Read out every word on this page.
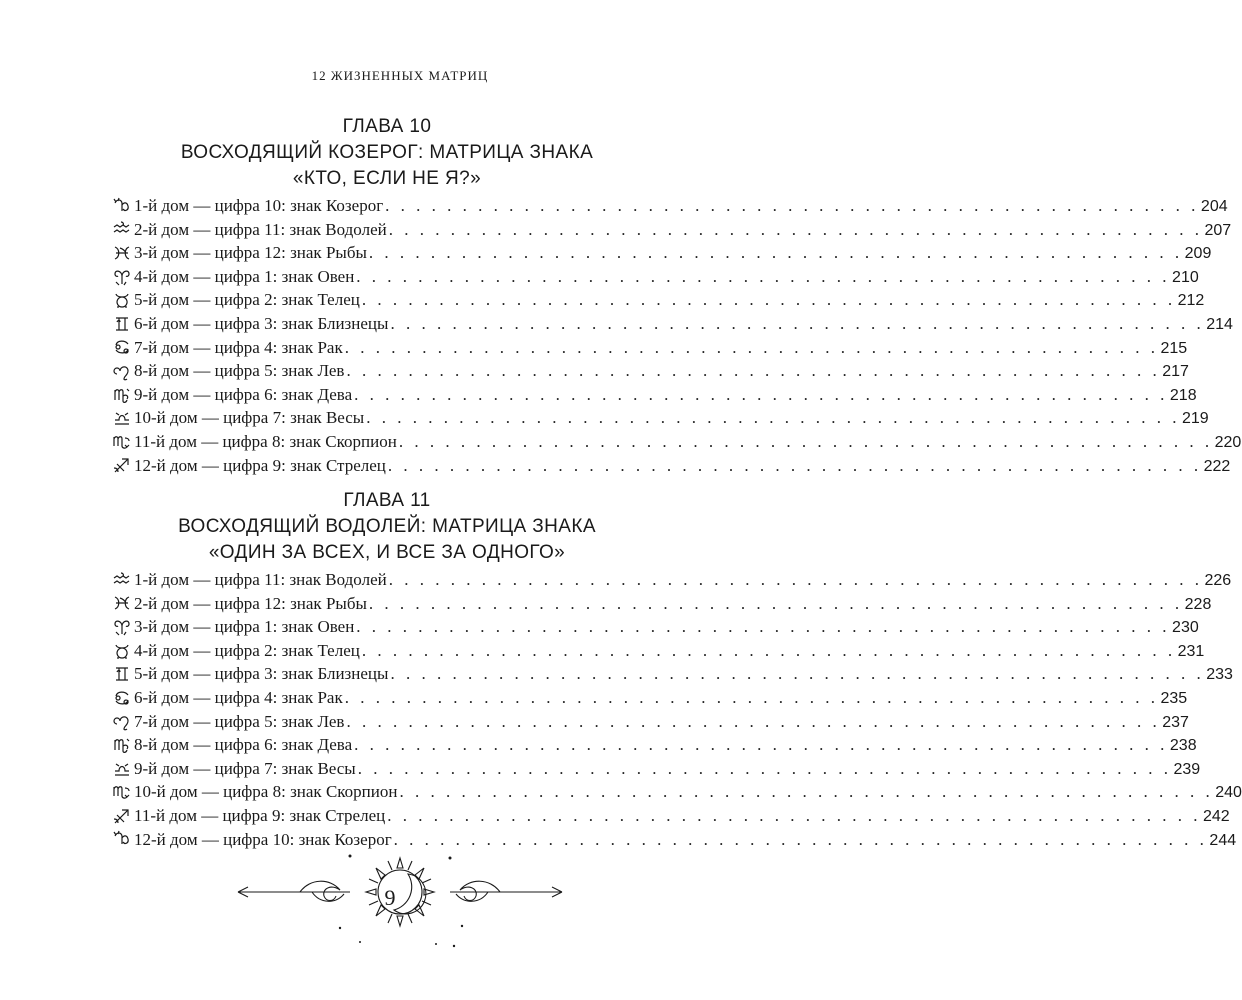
12 ЖИЗНЕННЫХ МАТРИЦ
ГЛАВА 10
ВОСХОДЯЩИЙ КОЗЕРОГ: МАТРИЦА ЗНАКА
«КТО, ЕСЛИ НЕ Я?»
1-й дом — цифра 10: знак Козерог . . . . . . . . . . . . . . . . . . . . . . . . . . . . . . . . . . . . . . . . . . . . . . . . . . . . . 204
2-й дом — цифра 11: знак Водолей . . . . . . . . . . . . . . . . . . . . . . . . . . . . . . . . . . . . . . . . . . . . . . . . . . . . . 207
3-й дом — цифра 12: знак Рыбы . . . . . . . . . . . . . . . . . . . . . . . . . . . . . . . . . . . . . . . . . . . . . . . . . . . . . 209
4-й дом — цифра 1: знак Овен . . . . . . . . . . . . . . . . . . . . . . . . . . . . . . . . . . . . . . . . . . . . . . . . . . . . . 210
5-й дом — цифра 2: знак Телец . . . . . . . . . . . . . . . . . . . . . . . . . . . . . . . . . . . . . . . . . . . . . . . . . . . . . 212
6-й дом — цифра 3: знак Близнецы . . . . . . . . . . . . . . . . . . . . . . . . . . . . . . . . . . . . . . . . . . . . . . . . . . . . . 214
7-й дом — цифра 4: знак Рак . . . . . . . . . . . . . . . . . . . . . . . . . . . . . . . . . . . . . . . . . . . . . . . . . . . . . 215
8-й дом — цифра 5: знак Лев . . . . . . . . . . . . . . . . . . . . . . . . . . . . . . . . . . . . . . . . . . . . . . . . . . . . . 217
9-й дом — цифра 6: знак Дева . . . . . . . . . . . . . . . . . . . . . . . . . . . . . . . . . . . . . . . . . . . . . . . . . . . . . 218
10-й дом — цифра 7: знак Весы . . . . . . . . . . . . . . . . . . . . . . . . . . . . . . . . . . . . . . . . . . . . . . . . . . . . . 219
11-й дом — цифра 8: знак Скорпион . . . . . . . . . . . . . . . . . . . . . . . . . . . . . . . . . . . . . . . . . . . . . . . . . . . . . 220
12-й дом — цифра 9: знак Стрелец . . . . . . . . . . . . . . . . . . . . . . . . . . . . . . . . . . . . . . . . . . . . . . . . . . . . . 222
ГЛАВА 11
ВОСХОДЯЩИЙ ВОДОЛЕЙ: МАТРИЦА ЗНАКА
«ОДИН ЗА ВСЕХ, И ВСЕ ЗА ОДНОГО»
1-й дом — цифра 11: знак Водолей . . . . . . . . . . . . . . . . . . . . . . . . . . . . . . . . . . . . . . . . . . . . . . . . . . . . . 226
2-й дом — цифра 12: знак Рыбы . . . . . . . . . . . . . . . . . . . . . . . . . . . . . . . . . . . . . . . . . . . . . . . . . . . . . 228
3-й дом — цифра 1: знак Овен . . . . . . . . . . . . . . . . . . . . . . . . . . . . . . . . . . . . . . . . . . . . . . . . . . . . . 230
4-й дом — цифра 2: знак Телец . . . . . . . . . . . . . . . . . . . . . . . . . . . . . . . . . . . . . . . . . . . . . . . . . . . . . 231
5-й дом — цифра 3: знак Близнецы . . . . . . . . . . . . . . . . . . . . . . . . . . . . . . . . . . . . . . . . . . . . . . . . . . . . . 233
6-й дом — цифра 4: знак Рак . . . . . . . . . . . . . . . . . . . . . . . . . . . . . . . . . . . . . . . . . . . . . . . . . . . . . 235
7-й дом — цифра 5: знак Лев . . . . . . . . . . . . . . . . . . . . . . . . . . . . . . . . . . . . . . . . . . . . . . . . . . . . . 237
8-й дом — цифра 6: знак Дева . . . . . . . . . . . . . . . . . . . . . . . . . . . . . . . . . . . . . . . . . . . . . . . . . . . . . 238
9-й дом — цифра 7: знак Весы . . . . . . . . . . . . . . . . . . . . . . . . . . . . . . . . . . . . . . . . . . . . . . . . . . . . . 239
10-й дом — цифра 8: знак Скорпион . . . . . . . . . . . . . . . . . . . . . . . . . . . . . . . . . . . . . . . . . . . . . . . . . . . . . 240
11-й дом — цифра 9: знак Стрелец . . . . . . . . . . . . . . . . . . . . . . . . . . . . . . . . . . . . . . . . . . . . . . . . . . . . . 242
12-й дом — цифра 10: знак Козерог . . . . . . . . . . . . . . . . . . . . . . . . . . . . . . . . . . . . . . . . . . . . . . . . . . . . . 244
9
